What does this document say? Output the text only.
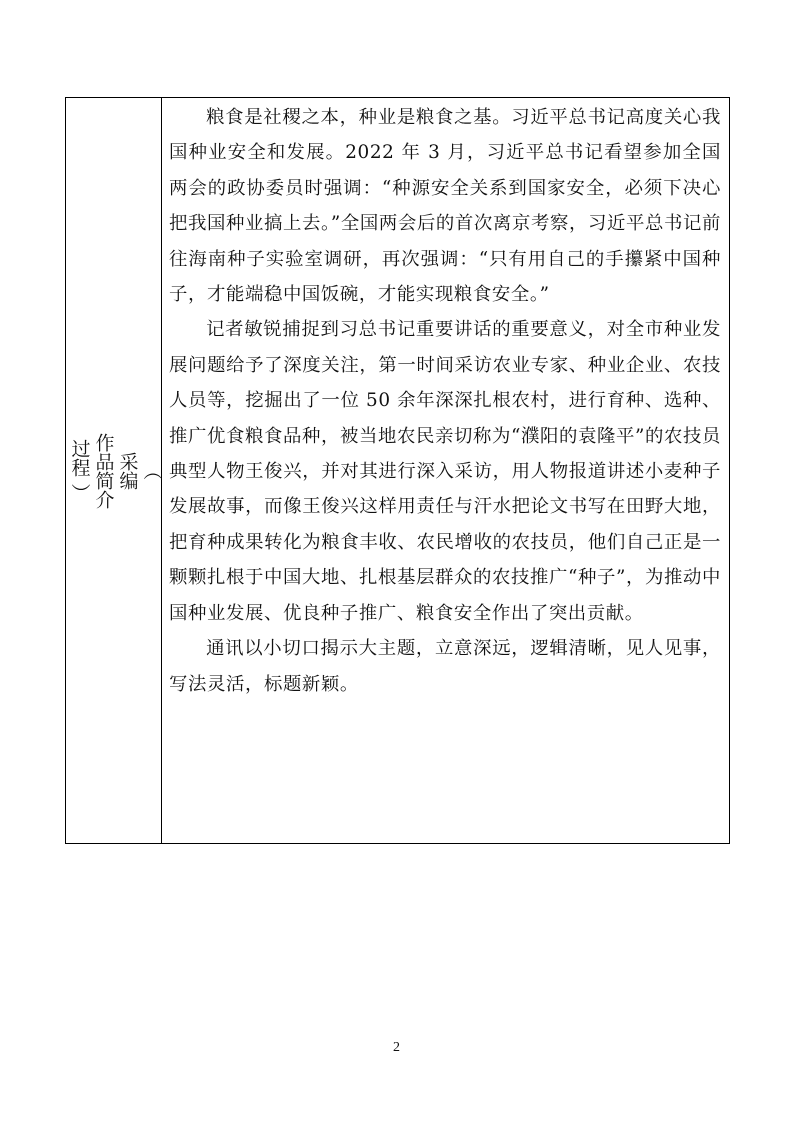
（
采编
作品简介
过程 ）

粮食是社稷之本，种业是粮食之基。习近平总书记高度关心我国种业安全和发展。2022 年 3 月，习近平总书记看望参加全国两会的政协委员时强调：“种源安全关系到国家安全，必须下决心把我国种业搞上去。”全国两会后的首次离京考察，习近平总书记前往海南种子实验室调研，再次强调：“只有用自己的手攥紧中国种子，才能端稳中国饭碗，才能实现粮食安全。”

记者敏锐捕捉到习总书记重要讲话的重要意义，对全市种业发展问题给予了深度关注，第一时间采访农业专家、种业企业、农技人员等，挖掘出了一位 50 余年深深扎根农村，进行育种、选种、推广优食粮食品种，被当地农民亲切称为“濮阳的袁隆平”的农技员典型人物王俊兴，并对其进行深入采访，用人物报道讲述小麦种子发展故事，而像王俊兴这样用责任与汗水把论文书写在田野大地，把育种成果转化为粮食丰收、农民增收的农技员，他们自己正是一颗颗扎根于中国大地、扎根基层群众的农技推广“种子”，为推动中国种业发展、优良种子推广、粮食安全作出了突出贡献。

通讯以小切口揭示大主题，立意深远，逻辑清晰，见人见事，写法灵活，标题新颖。

2
